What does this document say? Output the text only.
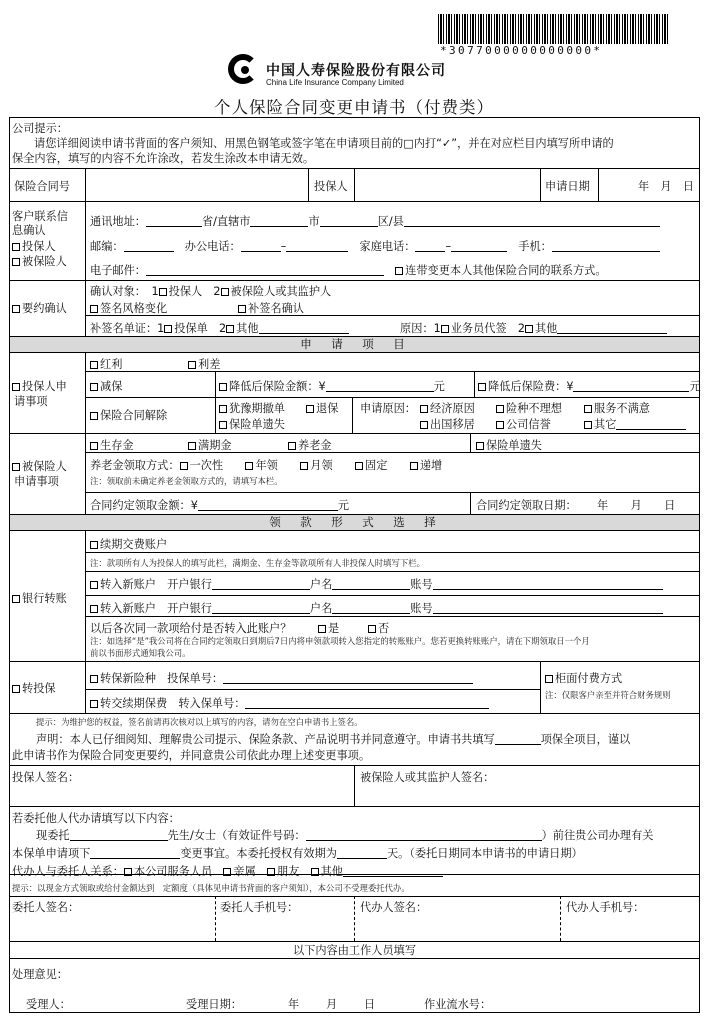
*3077000000000000*
中国人寿保险股份有限公司
China Life Insurance Company Limited
个人保险合同变更申请书（付费类）
公司提示：
请您详细阅读申请书背面的客户须知、用黑色钢笔或签字笔在申请项目前的□内打“✓”，并在对应栏目内填写所申请的
保全内容，填写的内容不允许涂改，若发生涂改本申请无效。
保险合同号	投保人	申请日期	年　月　日
客户联系信
息确认
投保人
被保险人
通讯地址：	省/直辖市	市	区/县
邮编：　	办公电话：	–　	家庭电话：	–　	手机：
电子邮件：　	连带变更本人其他保险合同的联系方式。
要约确认
确认对象：　1 投保人　2 被保险人或其监护人
签名风格变化	补签名确认
补签名单证：1 投保单　2 其他	原因：1 业务员代签　2 其他
申　请　项　目
投保人申
请事项
红利	利差
减保	降低后保险金额：¥	元	降低后保险费：¥	元
保险合同解除
犹豫期撤单	退保
保险单遗失
申请原因：	经济原因	险种不理想	服务不满意
出国移居	公司信誉	其它
被保险人
申请事项
生存金	满期金	养老金	保险单遗失
养老金领取方式： 一次性　　	年领　　	月领　　	固定　　	递增
注：领取前未确定养老金领取方式的，请填写本栏。
合同约定领取金额：¥	元	合同约定领取日期：　　 年　　月　　日
领　款　形　式　选　择
银行转账
续期交费账户
注：款项所有人为投保人的填写此栏，满期金、生存金等款项所有人非投保人时填写下栏。
转入新账户　开户银行	户名	账号
转入新账户　开户银行	户名	账号
以后各次同一款项给付是否转入此账户？	是	否
注：如选择“是”我公司将在合同约定领取日到期后7日内将申领款项转入您指定的转账账户。您若更换转账账户，请在下期领取日一个月
前以书面形式通知我公司。
转投保
转保新险种　 投保单号：
转交续期保费　 转入保单号：
柜面付费方式
注：仅限客户亲至并符合财务规则
提示：为维护您的权益，签名前请再次核对以上填写的内容，请勿在空白申请书上签名。
声明：本人已仔细阅知、理解贵公司提示、保险条款、产品说明书并同意遵守。申请书共填写	项保全项目，谨以
此申请书作为保险合同变更要约，并同意贵公司依此办理上述变更事项。
投保人签名：	被保险人或其监护人签名：
若委托他人代办请填写以下内容：
现委托	先生/女士（有效证件号码：	）前往贵公司办理有关
本保单申请项下	变更事宜。本委托授权有效期为	天。（委托日期同本申请书的申请日期）
代办人与委托人关系： 本公司服务人员　 亲属　 朋友　 其他
提示：以现金方式领取或给付金额达到　定额度（具体见申请书背面的客户须知），本公司不受理委托代办。
委托人签名：	委托人手机号：	代办人签名：	代办人手机号：
以下内容由工作人员填写
处理意见：
受理人：	受理日期：	年 月 日	作业流水号：
